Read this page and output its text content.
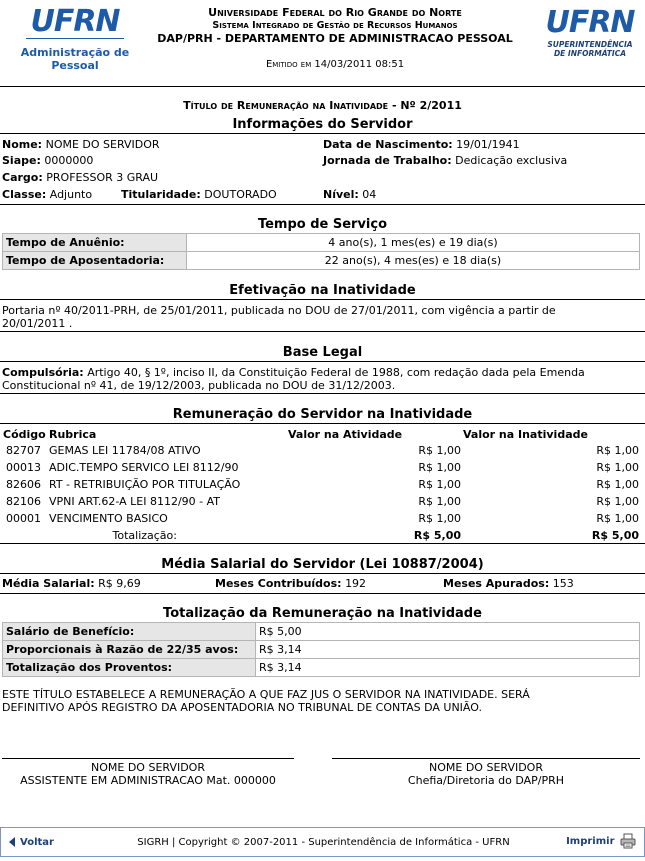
UFRN
Administração de Pessoal
Universidade Federal do Rio Grande do Norte
Sistema Integrado de Gestão de Recursos Humanos
DAP/PRH - DEPARTAMENTO DE ADMINISTRACAO PESSOAL
Emitido em 14/03/2011 08:51
UFRN
SUPERINTENDÊNCIA DE INFORMÁTICA
Título de Remuneração na Inatividade - Nº 2/2011
Informações do Servidor
Nome: NOME DO SERVIDOR	Data de Nascimento: 19/01/1941
Siape: 0000000	Jornada de Trabalho: Dedicação exclusiva
Cargo: PROFESSOR 3 GRAU
Classe: Adjunto	Titularidade: DOUTORADO	Nível: 04
Tempo de Serviço
Tempo de Anuênio:	4 ano(s), 1 mes(es) e 19 dia(s)
Tempo de Aposentadoria:	22 ano(s), 4 mes(es) e 18 dia(s)
Efetivação na Inatividade
Portaria nº 40/2011-PRH, de 25/01/2011, publicada no DOU de 27/01/2011, com vigência a partir de 20/01/2011 .
Base Legal
Compulsória: Artigo 40, § 1º, inciso II, da Constituição Federal de 1988, com redação dada pela Emenda Constitucional nº 41, de 19/12/2003, publicada no DOU de 31/12/2003.
Remuneração do Servidor na Inatividade
Código	Rubrica	Valor na Atividade	Valor na Inatividade
82707	GEMAS LEI 11784/08 ATIVO	R$ 1,00	R$ 1,00
00013	ADIC.TEMPO SERVICO LEI 8112/90	R$ 1,00	R$ 1,00
82606	RT - RETRIBUIÇÃO POR TITULAÇÃO	R$ 1,00	R$ 1,00
82106	VPNI ART.62-A LEI 8112/90 - AT	R$ 1,00	R$ 1,00
00001	VENCIMENTO BASICO	R$ 1,00	R$ 1,00
	Totalização:	R$ 5,00	R$ 5,00
Média Salarial do Servidor (Lei 10887/2004)
Média Salarial: R$ 9,69	Meses Contribuídos: 192	Meses Apurados: 153
Totalização da Remuneração na Inatividade
Salário de Benefício:	R$ 5,00
Proporcionais à Razão de 22/35 avos:	R$ 3,14
Totalização dos Proventos:	R$ 3,14
ESTE TÍTULO ESTABELECE A REMUNERAÇÃO A QUE FAZ JUS O SERVIDOR NA INATIVIDADE. SERÁ DEFINITIVO APÓS REGISTRO DA APOSENTADORIA NO TRIBUNAL DE CONTAS DA UNIÃO.
NOME DO SERVIDOR
ASSISTENTE EM ADMINISTRACAO Mat. 000000
NOME DO SERVIDOR
Chefia/Diretoria do DAP/PRH
SIGRH | Copyright © 2007-2011 - Superintendência de Informática - UFRN
Voltar	Imprimir
